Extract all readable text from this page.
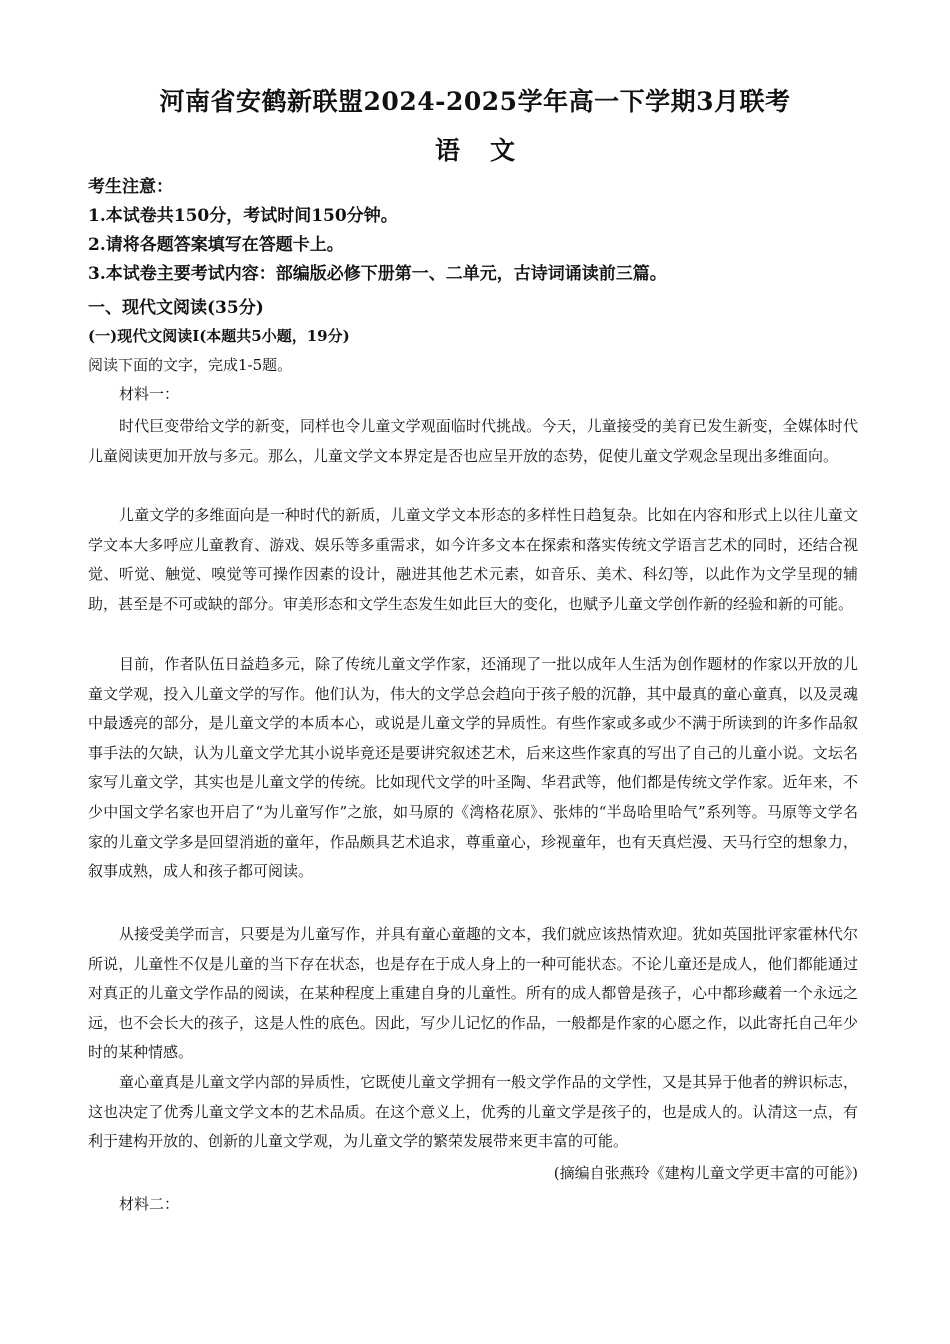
河南省安鹤新联盟2024-2025学年高一下学期3月联考
语文
考生注意：
1.本试卷共150分，考试时间150分钟。
2.请将各题答案填写在答题卡上。
3.本试卷主要考试内容：部编版必修下册第一、二单元，古诗词诵读前三篇。
一、现代文阅读(35分)
(一)现代文阅读Ⅰ(本题共5小题，19分)
阅读下面的文字，完成1-5题。
材料一：
时代巨变带给文学的新变，同样也令儿童文学观面临时代挑战。今天，儿童接受的美育已发生新变，全媒体时代儿童阅读更加开放与多元。那么，儿童文学文本界定是否也应呈开放的态势，促使儿童文学观念呈现出多维面向。
儿童文学的多维面向是一种时代的新质，儿童文学文本形态的多样性日趋复杂。比如在内容和形式上以往儿童文学文本大多呼应儿童教育、游戏、娱乐等多重需求，如今许多文本在探索和落实传统文学语言艺术的同时，还结合视觉、听觉、触觉、嗅觉等可操作因素的设计，融进其他艺术元素，如音乐、美术、科幻等，以此作为文学呈现的辅助，甚至是不可或缺的部分。审美形态和文学生态发生如此巨大的变化，也赋予儿童文学创作新的经验和新的可能。
目前，作者队伍日益趋多元，除了传统儿童文学作家，还涌现了一批以成年人生活为创作题材的作家以开放的儿童文学观，投入儿童文学的写作。他们认为，伟大的文学总会趋向于孩子般的沉静，其中最真的童心童真，以及灵魂中最透亮的部分，是儿童文学的本质本心，或说是儿童文学的异质性。有些作家或多或少不满于所读到的许多作品叙事手法的欠缺，认为儿童文学尤其小说毕竟还是要讲究叙述艺术，后来这些作家真的写出了自己的儿童小说。文坛名家写儿童文学，其实也是儿童文学的传统。比如现代文学的叶圣陶、华君武等，他们都是传统文学作家。近年来，不少中国文学名家也开启了“为儿童写作”之旅，如马原的《湾格花原》、张炜的“半岛哈里哈气”系列等。马原等文学名家的儿童文学多是回望消逝的童年，作品颇具艺术追求，尊重童心，珍视童年，也有天真烂漫、天马行空的想象力，叙事成熟，成人和孩子都可阅读。
从接受美学而言，只要是为儿童写作，并具有童心童趣的文本，我们就应该热情欢迎。犹如英国批评家霍林代尔所说，儿童性不仅是儿童的当下存在状态，也是存在于成人身上的一种可能状态。不论儿童还是成人，他们都能通过对真正的儿童文学作品的阅读，在某种程度上重建自身的儿童性。所有的成人都曾是孩子，心中都珍藏着一个永远之远，也不会长大的孩子，这是人性的底色。因此，写少儿记忆的作品，一般都是作家的心愿之作，以此寄托自己年少时的某种情感。
童心童真是儿童文学内部的异质性，它既使儿童文学拥有一般文学作品的文学性，又是其异于他者的辨识标志，这也决定了优秀儿童文学文本的艺术品质。在这个意义上，优秀的儿童文学是孩子的，也是成人的。认清这一点，有利于建构开放的、创新的儿童文学观，为儿童文学的繁荣发展带来更丰富的可能。
(摘编自张燕玲《建构儿童文学更丰富的可能》)
材料二：
